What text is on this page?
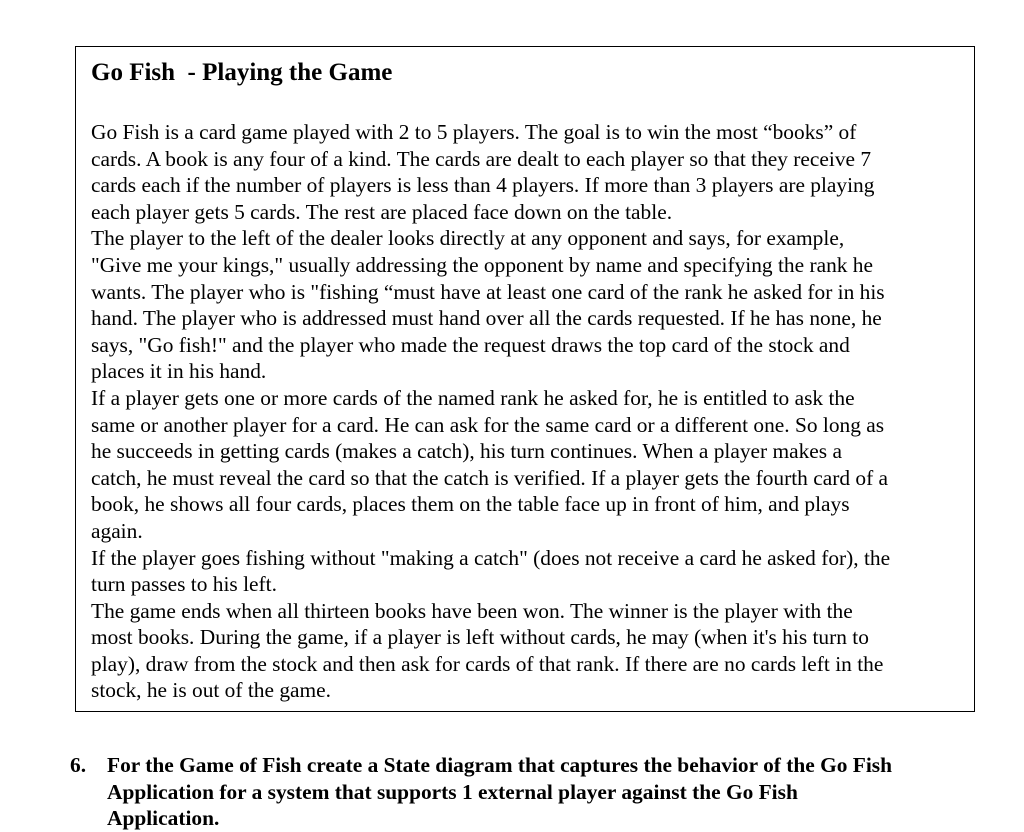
Go Fish  - Playing the Game
Go Fish is a card game played with 2 to 5 players. The goal is to win the most “books” of
cards. A book is any four of a kind. The cards are dealt to each player so that they receive 7
cards each if the number of players is less than 4 players. If more than 3 players are playing
each player gets 5 cards. The rest are placed face down on the table.
The player to the left of the dealer looks directly at any opponent and says, for example,
"Give me your kings," usually addressing the opponent by name and specifying the rank he
wants. The player who is "fishing “must have at least one card of the rank he asked for in his
hand. The player who is addressed must hand over all the cards requested. If he has none, he
says, "Go fish!" and the player who made the request draws the top card of the stock and
places it in his hand.
If a player gets one or more cards of the named rank he asked for, he is entitled to ask the
same or another player for a card. He can ask for the same card or a different one. So long as
he succeeds in getting cards (makes a catch), his turn continues. When a player makes a
catch, he must reveal the card so that the catch is verified. If a player gets the fourth card of a
book, he shows all four cards, places them on the table face up in front of him, and plays
again.
If the player goes fishing without "making a catch" (does not receive a card he asked for), the
turn passes to his left.
The game ends when all thirteen books have been won. The winner is the player with the
most books. During the game, if a player is left without cards, he may (when it's his turn to
play), draw from the stock and then ask for cards of that rank. If there are no cards left in the
stock, he is out of the game.
6. For the Game of Fish create a State diagram that captures the behavior of the Go Fish
Application for a system that supports 1 external player against the Go Fish
Application.
